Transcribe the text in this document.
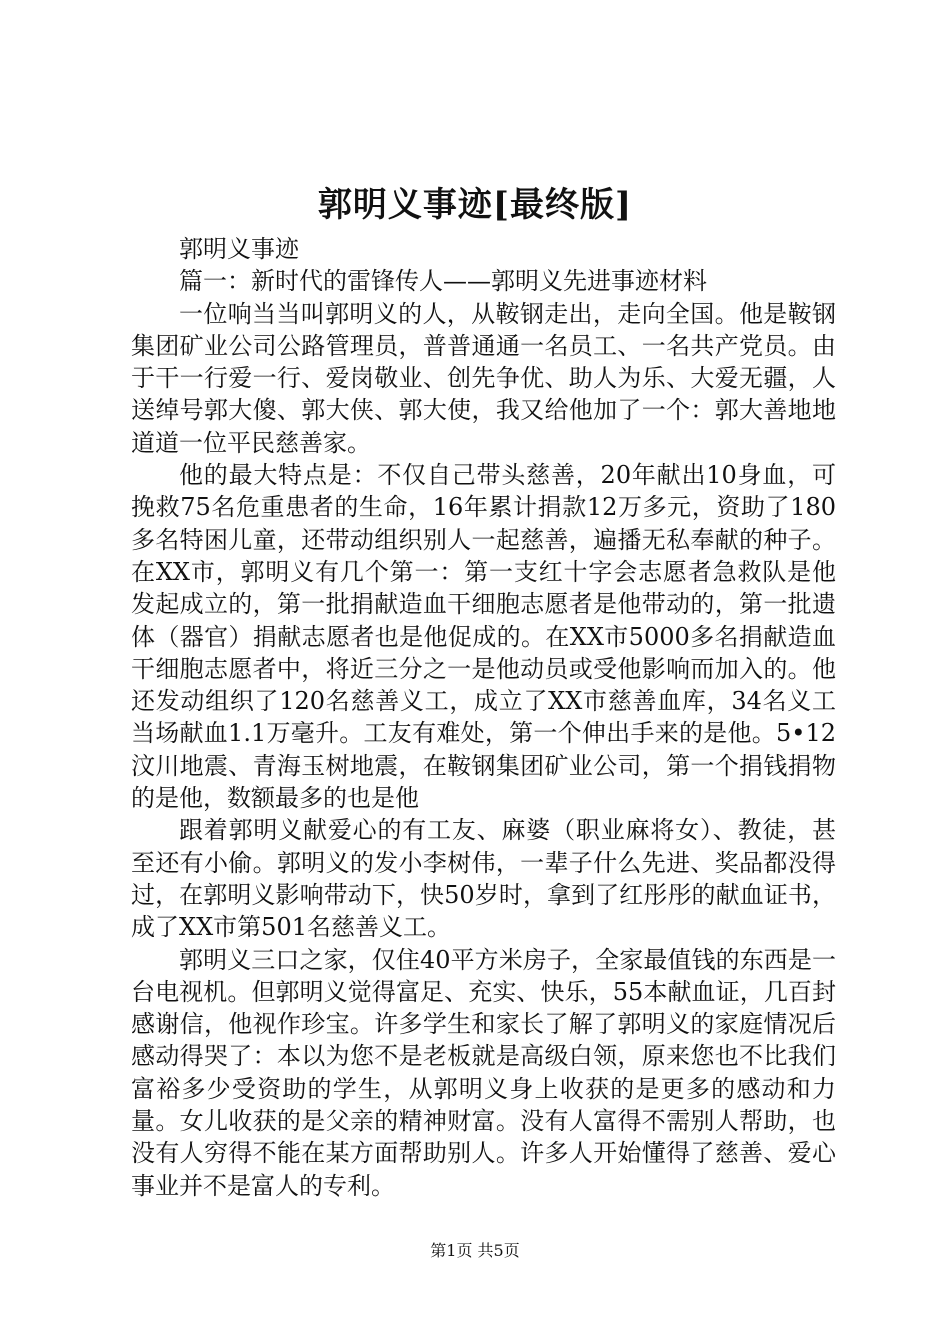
郭明义事迹[最终版]

郭明义事迹

篇一：新时代的雷锋传人——郭明义先进事迹材料

一位响当当叫郭明义的人，从鞍钢走出，走向全国。他是鞍钢集团矿业公司公路管理员，普普通通一名员工、一名共产党员。由于干一行爱一行、爱岗敬业、创先争优、助人为乐、大爱无疆，人送绰号郭大傻、郭大侠、郭大使，我又给他加了一个：郭大善地地道道一位平民慈善家。

他的最大特点是：不仅自己带头慈善，20年献出10身血，可挽救75名危重患者的生命，16年累计捐款12万多元，资助了180多名特困儿童，还带动组织别人一起慈善，遍播无私奉献的种子。在XX市，郭明义有几个第一：第一支红十字会志愿者急救队是他发起成立的，第一批捐献造血干细胞志愿者是他带动的，第一批遗体（器官）捐献志愿者也是他促成的。在XX市5000多名捐献造血干细胞志愿者中，将近三分之一是他动员或受他影响而加入的。他还发动组织了120名慈善义工，成立了XX市慈善血库，34名义工当场献血1.1万毫升。工友有难处，第一个伸出手来的是他。5•12汶川地震、青海玉树地震，在鞍钢集团矿业公司，第一个捐钱捐物的是他，数额最多的也是他

跟着郭明义献爱心的有工友、麻婆（职业麻将女）、教徒，甚至还有小偷。郭明义的发小李树伟，一辈子什么先进、奖品都没得过，在郭明义影响带动下，快50岁时，拿到了红彤彤的献血证书，成了XX市第501名慈善义工。

郭明义三口之家，仅住40平方米房子，全家最值钱的东西是一台电视机。但郭明义觉得富足、充实、快乐，55本献血证，几百封感谢信，他视作珍宝。许多学生和家长了解了郭明义的家庭情况后感动得哭了：本以为您不是老板就是高级白领，原来您也不比我们富裕多少受资助的学生，从郭明义身上收获的是更多的感动和力量。女儿收获的是父亲的精神财富。没有人富得不需别人帮助，也没有人穷得不能在某方面帮助别人。许多人开始懂得了慈善、爱心事业并不是富人的专利。

第1页 共5页
